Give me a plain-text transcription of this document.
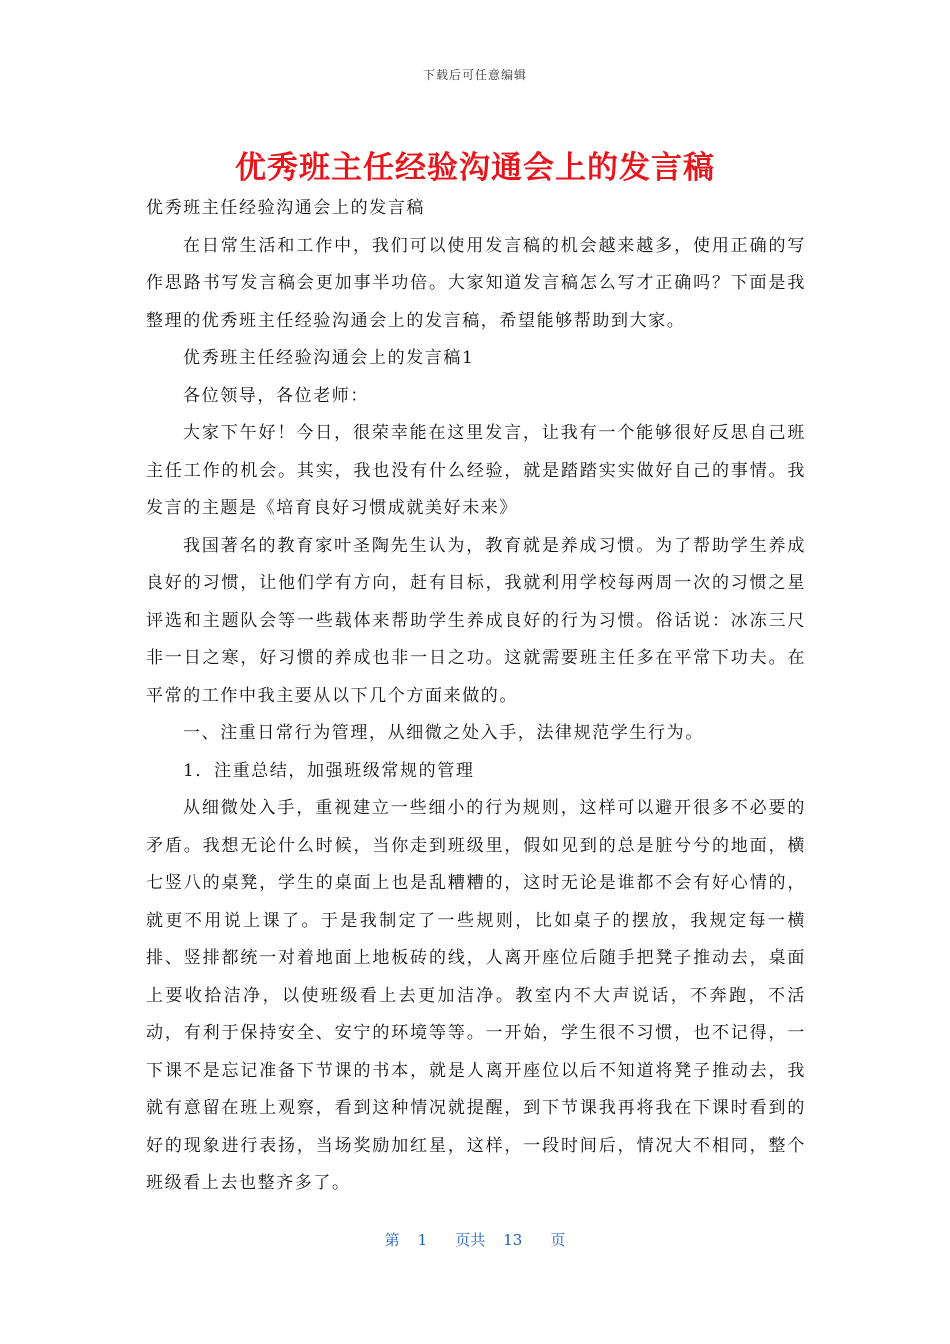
下载后可任意编辑
优秀班主任经验沟通会上的发言稿

优秀班主任经验沟通会上的发言稿

在日常生活和工作中，我们可以使用发言稿的机会越来越多，使用正确的写作思路书写发言稿会更加事半功倍。大家知道发言稿怎么写才正确吗？下面是我整理的优秀班主任经验沟通会上的发言稿，希望能够帮助到大家。

优秀班主任经验沟通会上的发言稿1

各位领导，各位老师：

大家下午好！今日，很荣幸能在这里发言，让我有一个能够很好反思自己班主任工作的机会。其实，我也没有什么经验，就是踏踏实实做好自己的事情。我发言的主题是《培育良好习惯成就美好未来》

我国著名的教育家叶圣陶先生认为，教育就是养成习惯。为了帮助学生养成良好的习惯，让他们学有方向，赶有目标，我就利用学校每两周一次的习惯之星评选和主题队会等一些载体来帮助学生养成良好的行为习惯。俗话说：冰冻三尺非一日之寒，好习惯的养成也非一日之功。这就需要班主任多在平常下功夫。在平常的工作中我主要从以下几个方面来做的。

一、注重日常行为管理，从细微之处入手，法律规范学生行为。

1．注重总结，加强班级常规的管理

从细微处入手，重视建立一些细小的行为规则，这样可以避开很多不必要的矛盾。我想无论什么时候，当你走到班级里，假如见到的总是脏兮兮的地面，横七竖八的桌凳，学生的桌面上也是乱糟糟的，这时无论是谁都不会有好心情的，就更不用说上课了。于是我制定了一些规则，比如桌子的摆放，我规定每一横排、竖排都统一对着地面上地板砖的线，人离开座位后随手把凳子推动去，桌面上要收拾洁净，以使班级看上去更加洁净。教室内不大声说话，不奔跑，不活动，有利于保持安全、安宁的环境等等。一开始，学生很不习惯，也不记得，一下课不是忘记准备下节课的书本，就是人离开座位以后不知道将凳子推动去，我就有意留在班上观察，看到这种情况就提醒，到下节课我再将我在下课时看到的好的现象进行表扬，当场奖励加红星，这样，一段时间后，情况大不相同，整个班级看上去也整齐多了。

第 1 页共 13 页
